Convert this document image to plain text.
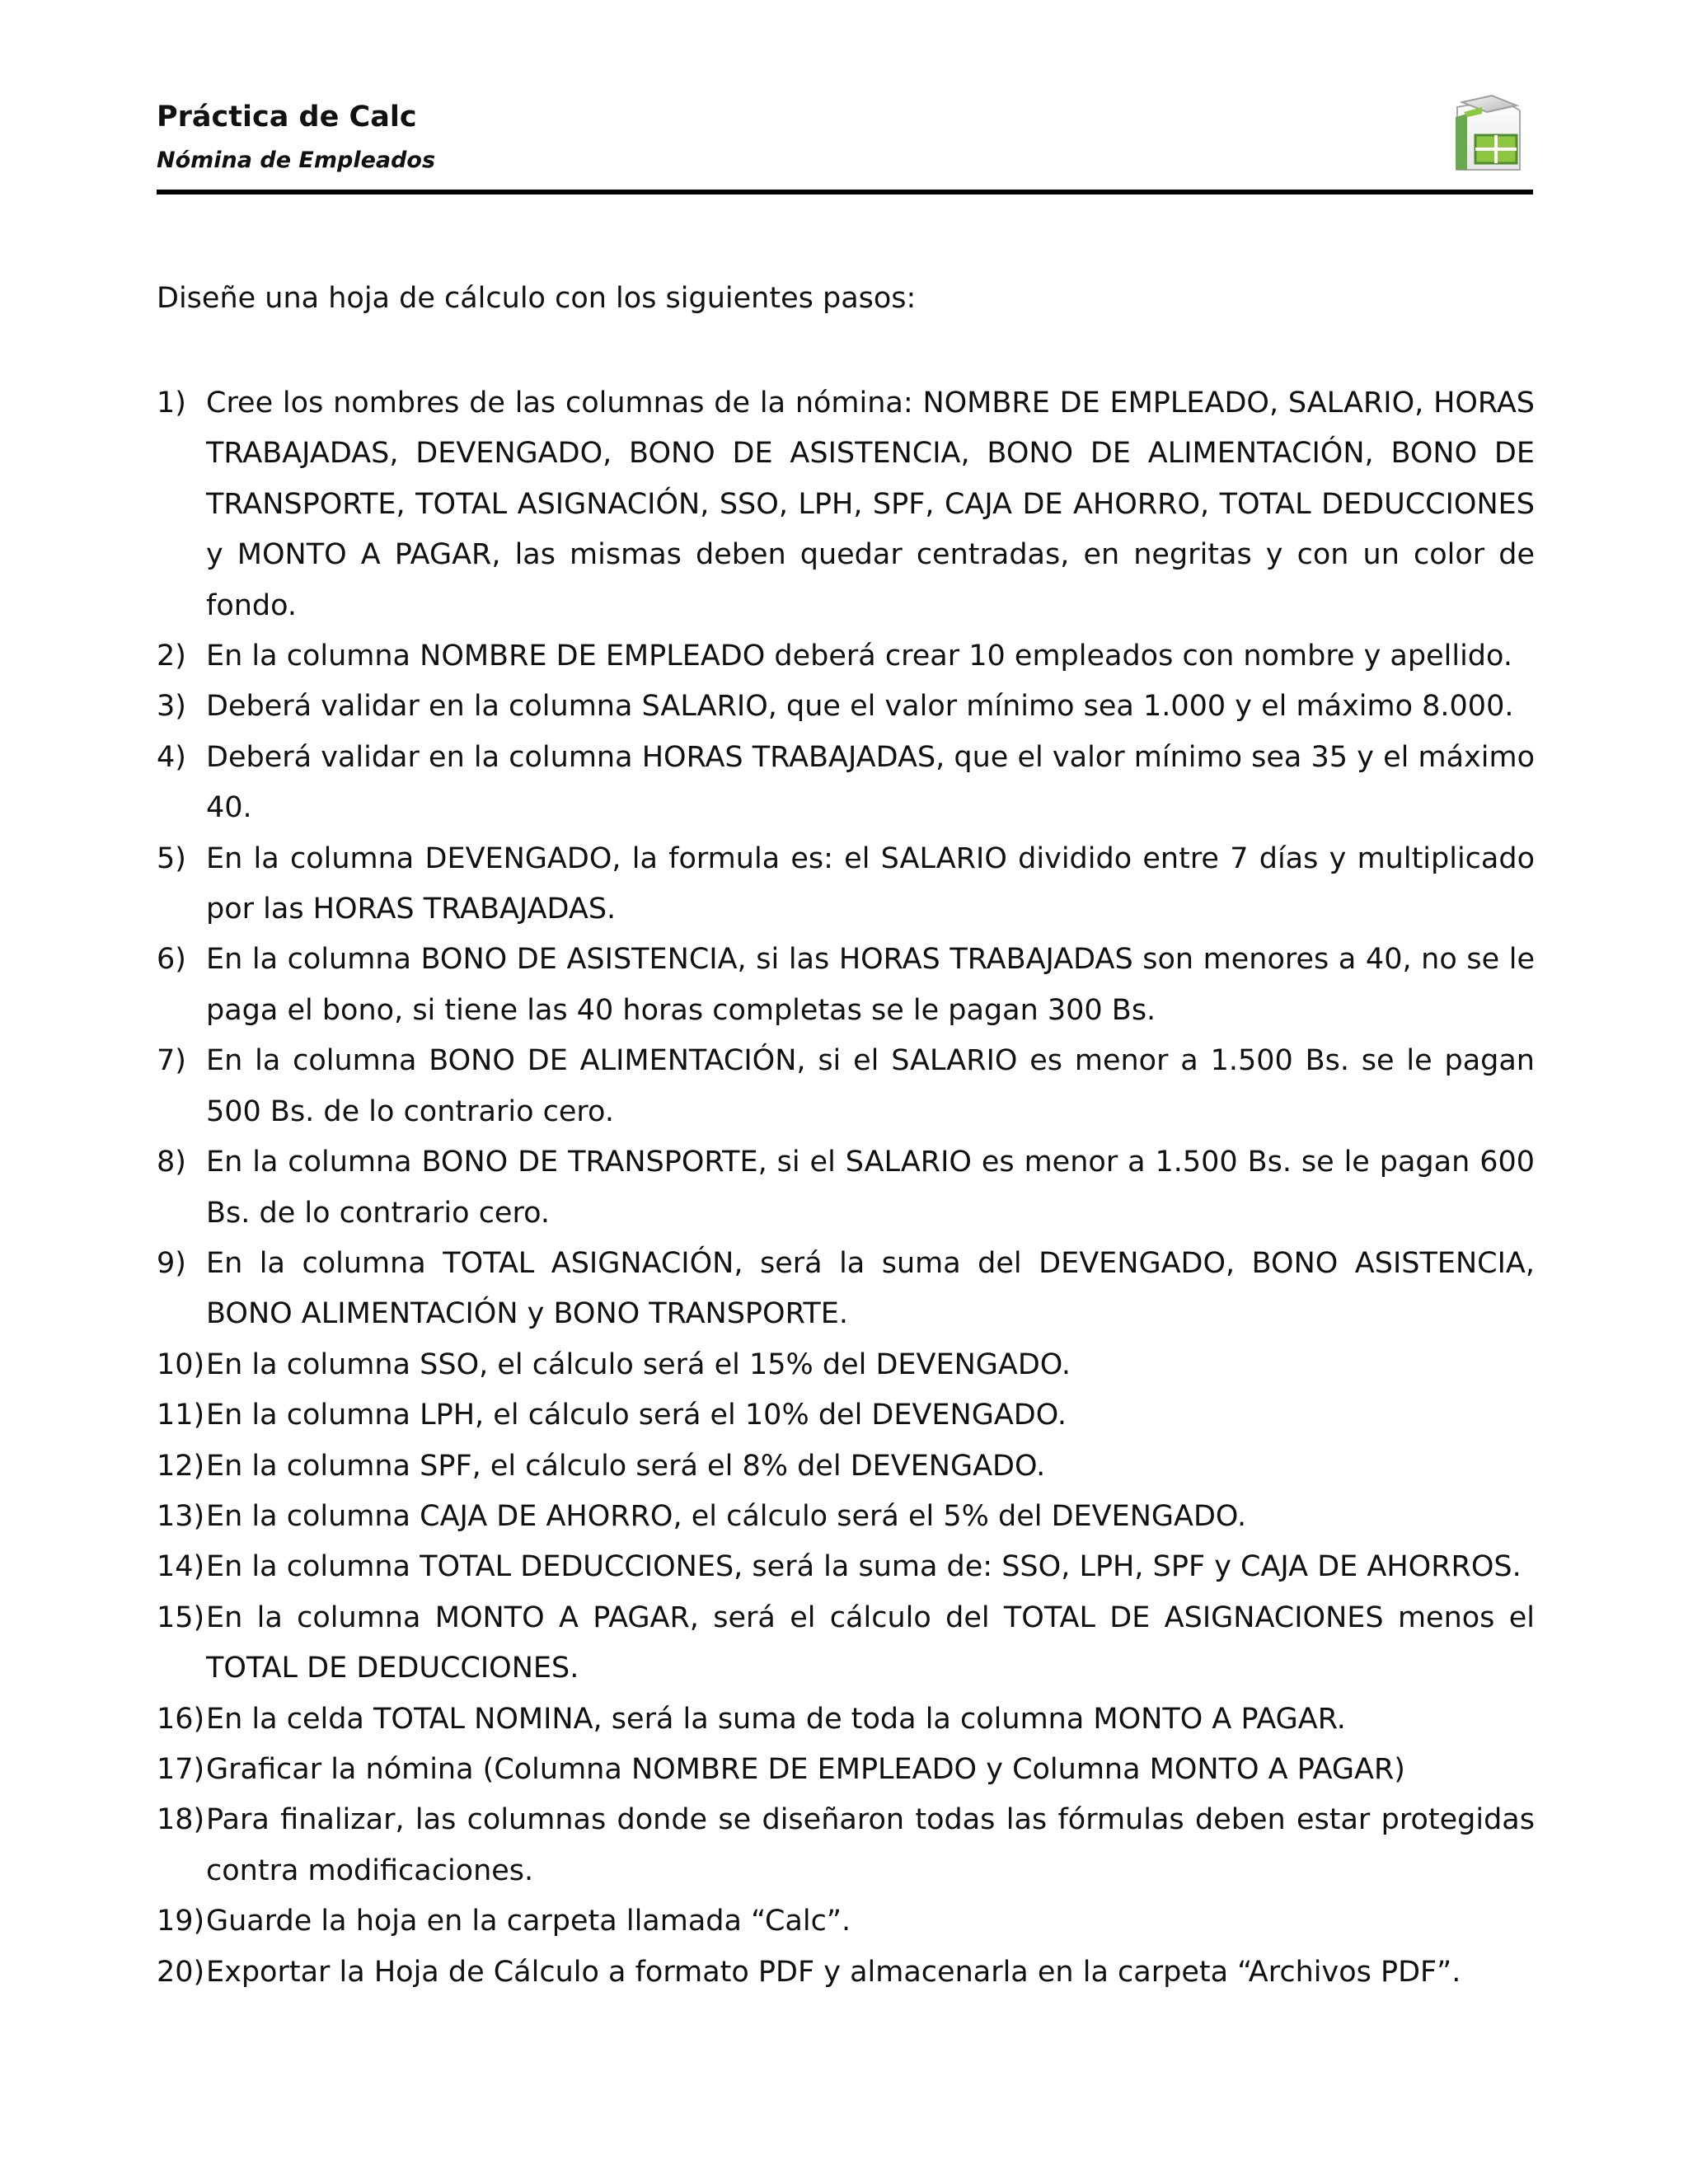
Práctica de Calc
Nómina de Empleados
Diseñe una hoja de cálculo con los siguientes pasos:
1) Cree los nombres de las columnas de la nómina: NOMBRE DE EMPLEADO, SALARIO, HORAS TRABAJADAS, DEVENGADO, BONO DE ASISTENCIA, BONO DE ALIMENTACIÓN, BONO DE TRANSPORTE, TOTAL ASIGNACIÓN, SSO, LPH, SPF, CAJA DE AHORRO, TOTAL DEDUCCIONES y MONTO A PAGAR, las mismas deben quedar centradas, en negritas y con un color de fondo.
2) En la columna NOMBRE DE EMPLEADO deberá crear 10 empleados con nombre y apellido.
3) Deberá validar en la columna SALARIO, que el valor mínimo sea 1.000 y el máximo 8.000.
4) Deberá validar en la columna HORAS TRABAJADAS, que el valor mínimo sea 35 y el máximo 40.
5) En la columna DEVENGADO, la formula es: el SALARIO dividido entre 7 días y multiplicado por las HORAS TRABAJADAS.
6) En la columna BONO DE ASISTENCIA, si las HORAS TRABAJADAS son menores a 40, no se le paga el bono, si tiene las 40 horas completas se le pagan 300 Bs.
7) En la columna BONO DE ALIMENTACIÓN, si el SALARIO es menor a 1.500 Bs. se le pagan 500 Bs. de lo contrario cero.
8) En la columna BONO DE TRANSPORTE, si el SALARIO es menor a 1.500 Bs. se le pagan 600 Bs. de lo contrario cero.
9) En la columna TOTAL ASIGNACIÓN, será la suma del DEVENGADO, BONO ASISTENCIA, BONO ALIMENTACIÓN y BONO TRANSPORTE.
10) En la columna SSO, el cálculo será el 15% del DEVENGADO.
11) En la columna LPH, el cálculo será el 10% del DEVENGADO.
12) En la columna SPF, el cálculo será el 8% del DEVENGADO.
13) En la columna CAJA DE AHORRO, el cálculo será el 5% del DEVENGADO.
14) En la columna TOTAL DEDUCCIONES, será la suma de: SSO, LPH, SPF y CAJA DE AHORROS.
15) En la columna MONTO A PAGAR, será el cálculo del TOTAL DE ASIGNACIONES menos el TOTAL DE DEDUCCIONES.
16) En la celda TOTAL NOMINA, será la suma de toda la columna MONTO A PAGAR.
17) Graficar la nómina (Columna NOMBRE DE EMPLEADO y Columna MONTO A PAGAR)
18) Para finalizar, las columnas donde se diseñaron todas las fórmulas deben estar protegidas contra modificaciones.
19) Guarde la hoja en la carpeta llamada “Calc”.
20) Exportar la Hoja de Cálculo a formato PDF y almacenarla en la carpeta “Archivos PDF”.
